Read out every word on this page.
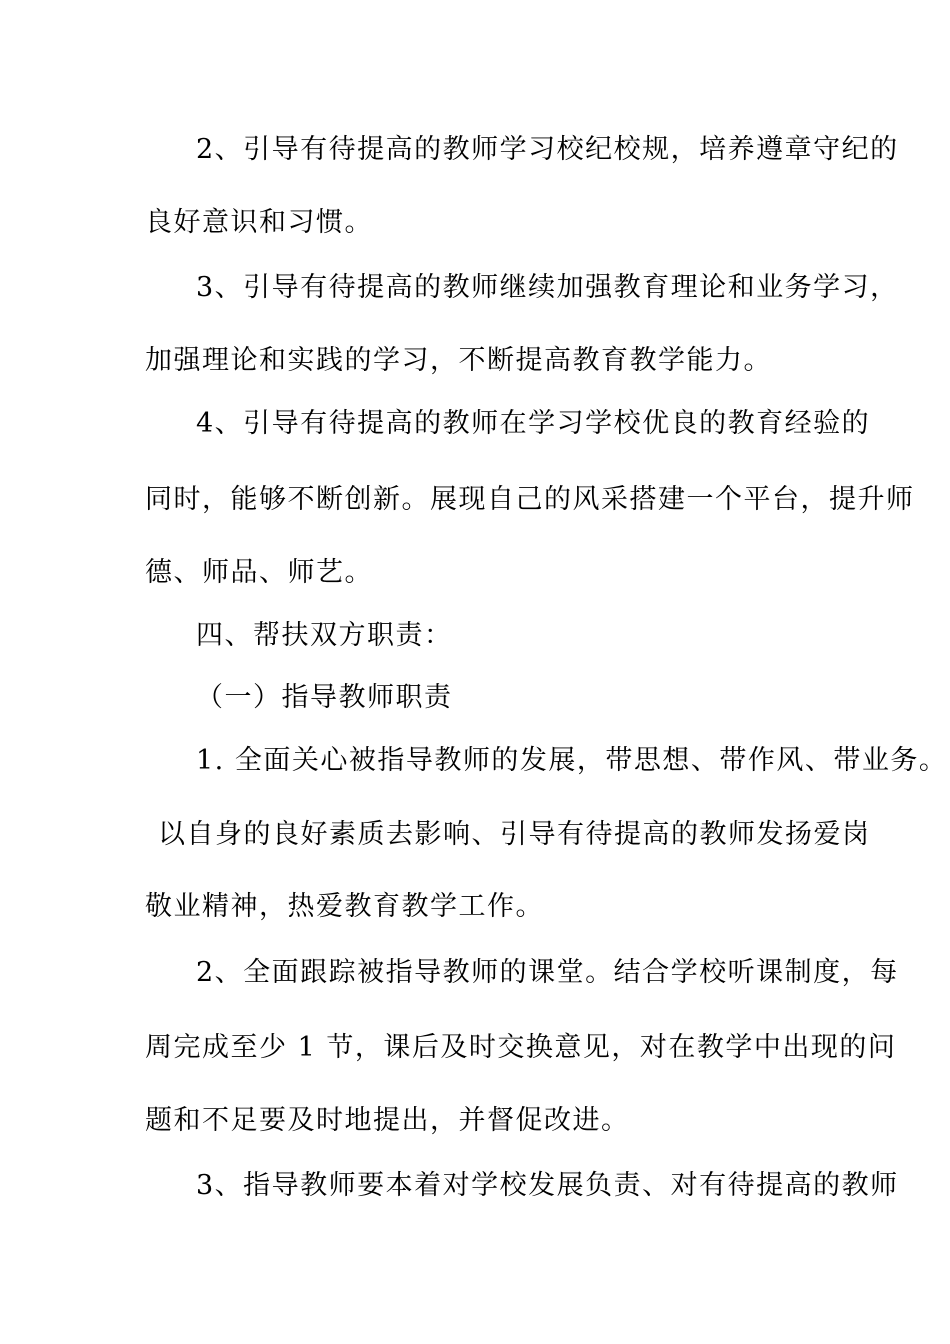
2、引导有待提高的教师学习校纪校规，培养遵章守纪的
良好意识和习惯。
3、引导有待提高的教师继续加强教育理论和业务学习，
加强理论和实践的学习，不断提高教育教学能力。
4、引导有待提高的教师在学习学校优良的教育经验的
同时，能够不断创新。展现自己的风采搭建一个平台，提升师
德、师品、师艺。
四、帮扶双方职责：
（一）指导教师职责
1. 全面关心被指导教师的发展，带思想、带作风、带业务。
以自身的良好素质去影响、引导有待提高的教师发扬爱岗
敬业精神，热爱教育教学工作。
2、全面跟踪被指导教师的课堂。结合学校听课制度，每
周完成至少 1 节，课后及时交换意见，对在教学中出现的问
题和不足要及时地提出，并督促改进。
3、指导教师要本着对学校发展负责、对有待提高的教师
